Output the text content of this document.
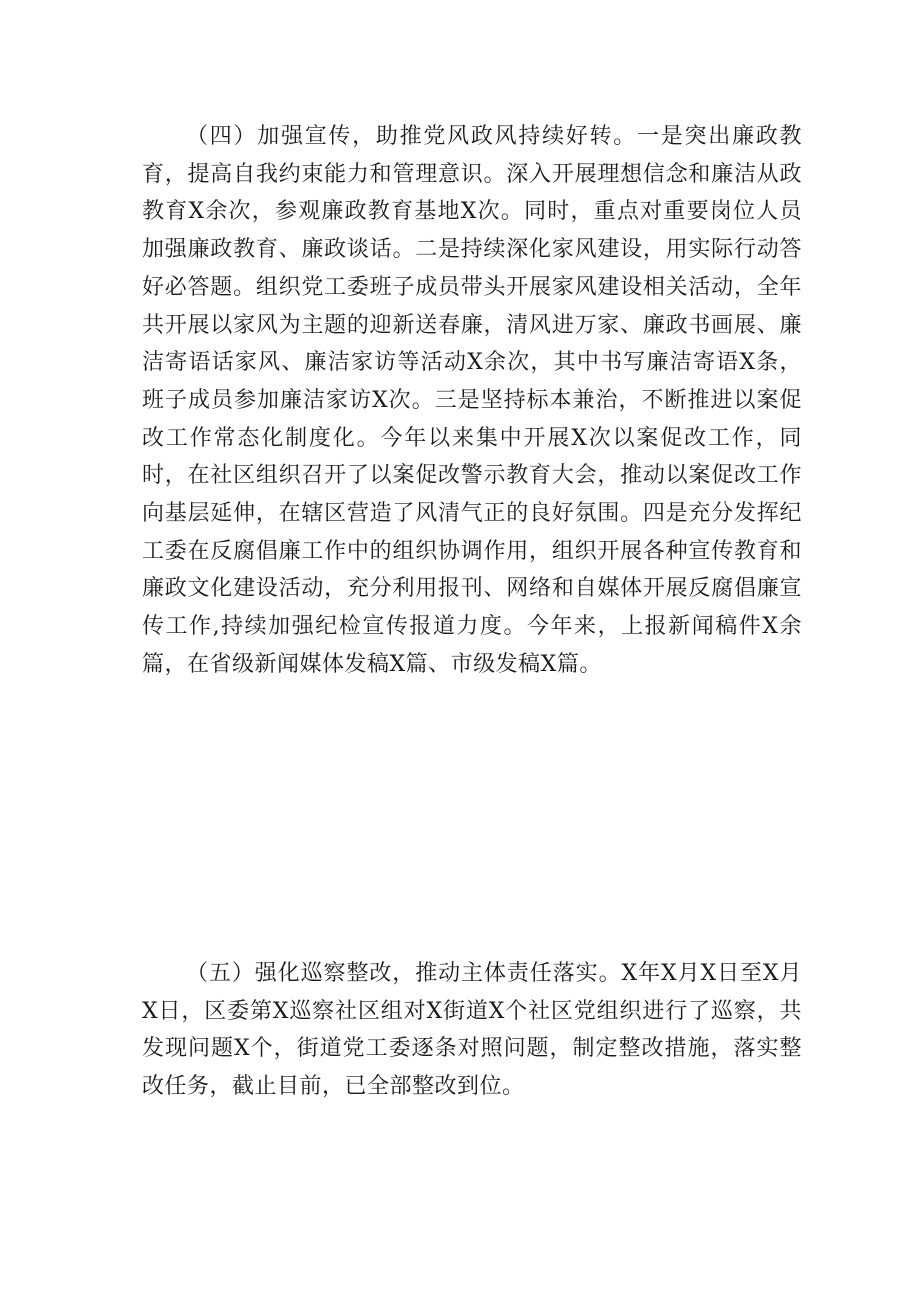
（四）加强宣传，助推党风政风持续好转。一是突出廉政教育，提高自我约束能力和管理意识。深入开展理想信念和廉洁从政教育X余次，参观廉政教育基地X次。同时，重点对重要岗位人员加强廉政教育、廉政谈话。二是持续深化家风建设，用实际行动答好必答题。组织党工委班子成员带头开展家风建设相关活动，全年共开展以家风为主题的迎新送春廉，清风进万家、廉政书画展、廉洁寄语话家风、廉洁家访等活动X余次，其中书写廉洁寄语X条，班子成员参加廉洁家访X次。三是坚持标本兼治，不断推进以案促改工作常态化制度化。今年以来集中开展X次以案促改工作，同时，在社区组织召开了以案促改警示教育大会，推动以案促改工作向基层延伸，在辖区营造了风清气正的良好氛围。四是充分发挥纪工委在反腐倡廉工作中的组织协调作用，组织开展各种宣传教育和廉政文化建设活动，充分利用报刊、网络和自媒体开展反腐倡廉宣传工作,持续加强纪检宣传报道力度。今年来，上报新闻稿件X余篇，在省级新闻媒体发稿X篇、市级发稿X篇。

（五）强化巡察整改，推动主体责任落实。X年X月X日至X月X日，区委第X巡察社区组对X街道X个社区党组织进行了巡察，共发现问题X个，街道党工委逐条对照问题，制定整改措施，落实整改任务，截止目前，已全部整改到位。
